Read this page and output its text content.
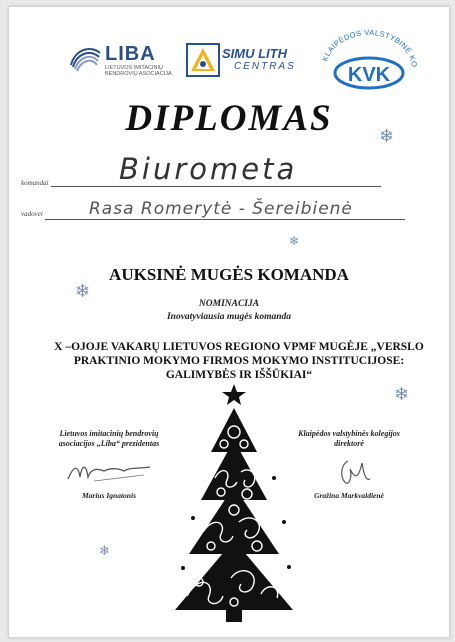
LIBA
LIETUVOS IMITACINIŲ BENDROVIŲ ASOCIACIJA
SIMU LITH
CENTRAS
KLAIPĖDOS VALSTYBINĖ KO
KVK
DIPLOMAS
komandai Biurometa
vadovei	Rasa Romerytė - Šereibienė
AUKSINĖ MUGĖS KOMANDA
NOMINACIJA
Inovatyviausia mugės komanda
X –OJOJE VAKARŲ LIETUVOS REGIONO VPMF MUGĖJE „VERSLO
PRAKTINIO MOKYMO FIRMOS MOKYMO INSTITUCIJOSE:
GALIMYBĖS IR IŠŠŪKIAI“
Lietuvos imitacinių bendrovių
asociacijos „Liba“ prezidentas
Marius Ignatonis
Klaipėdos valstybinės kolegijos
direktorė
Gražina Markvaldienė
❄
❄
❄
❄
❄
